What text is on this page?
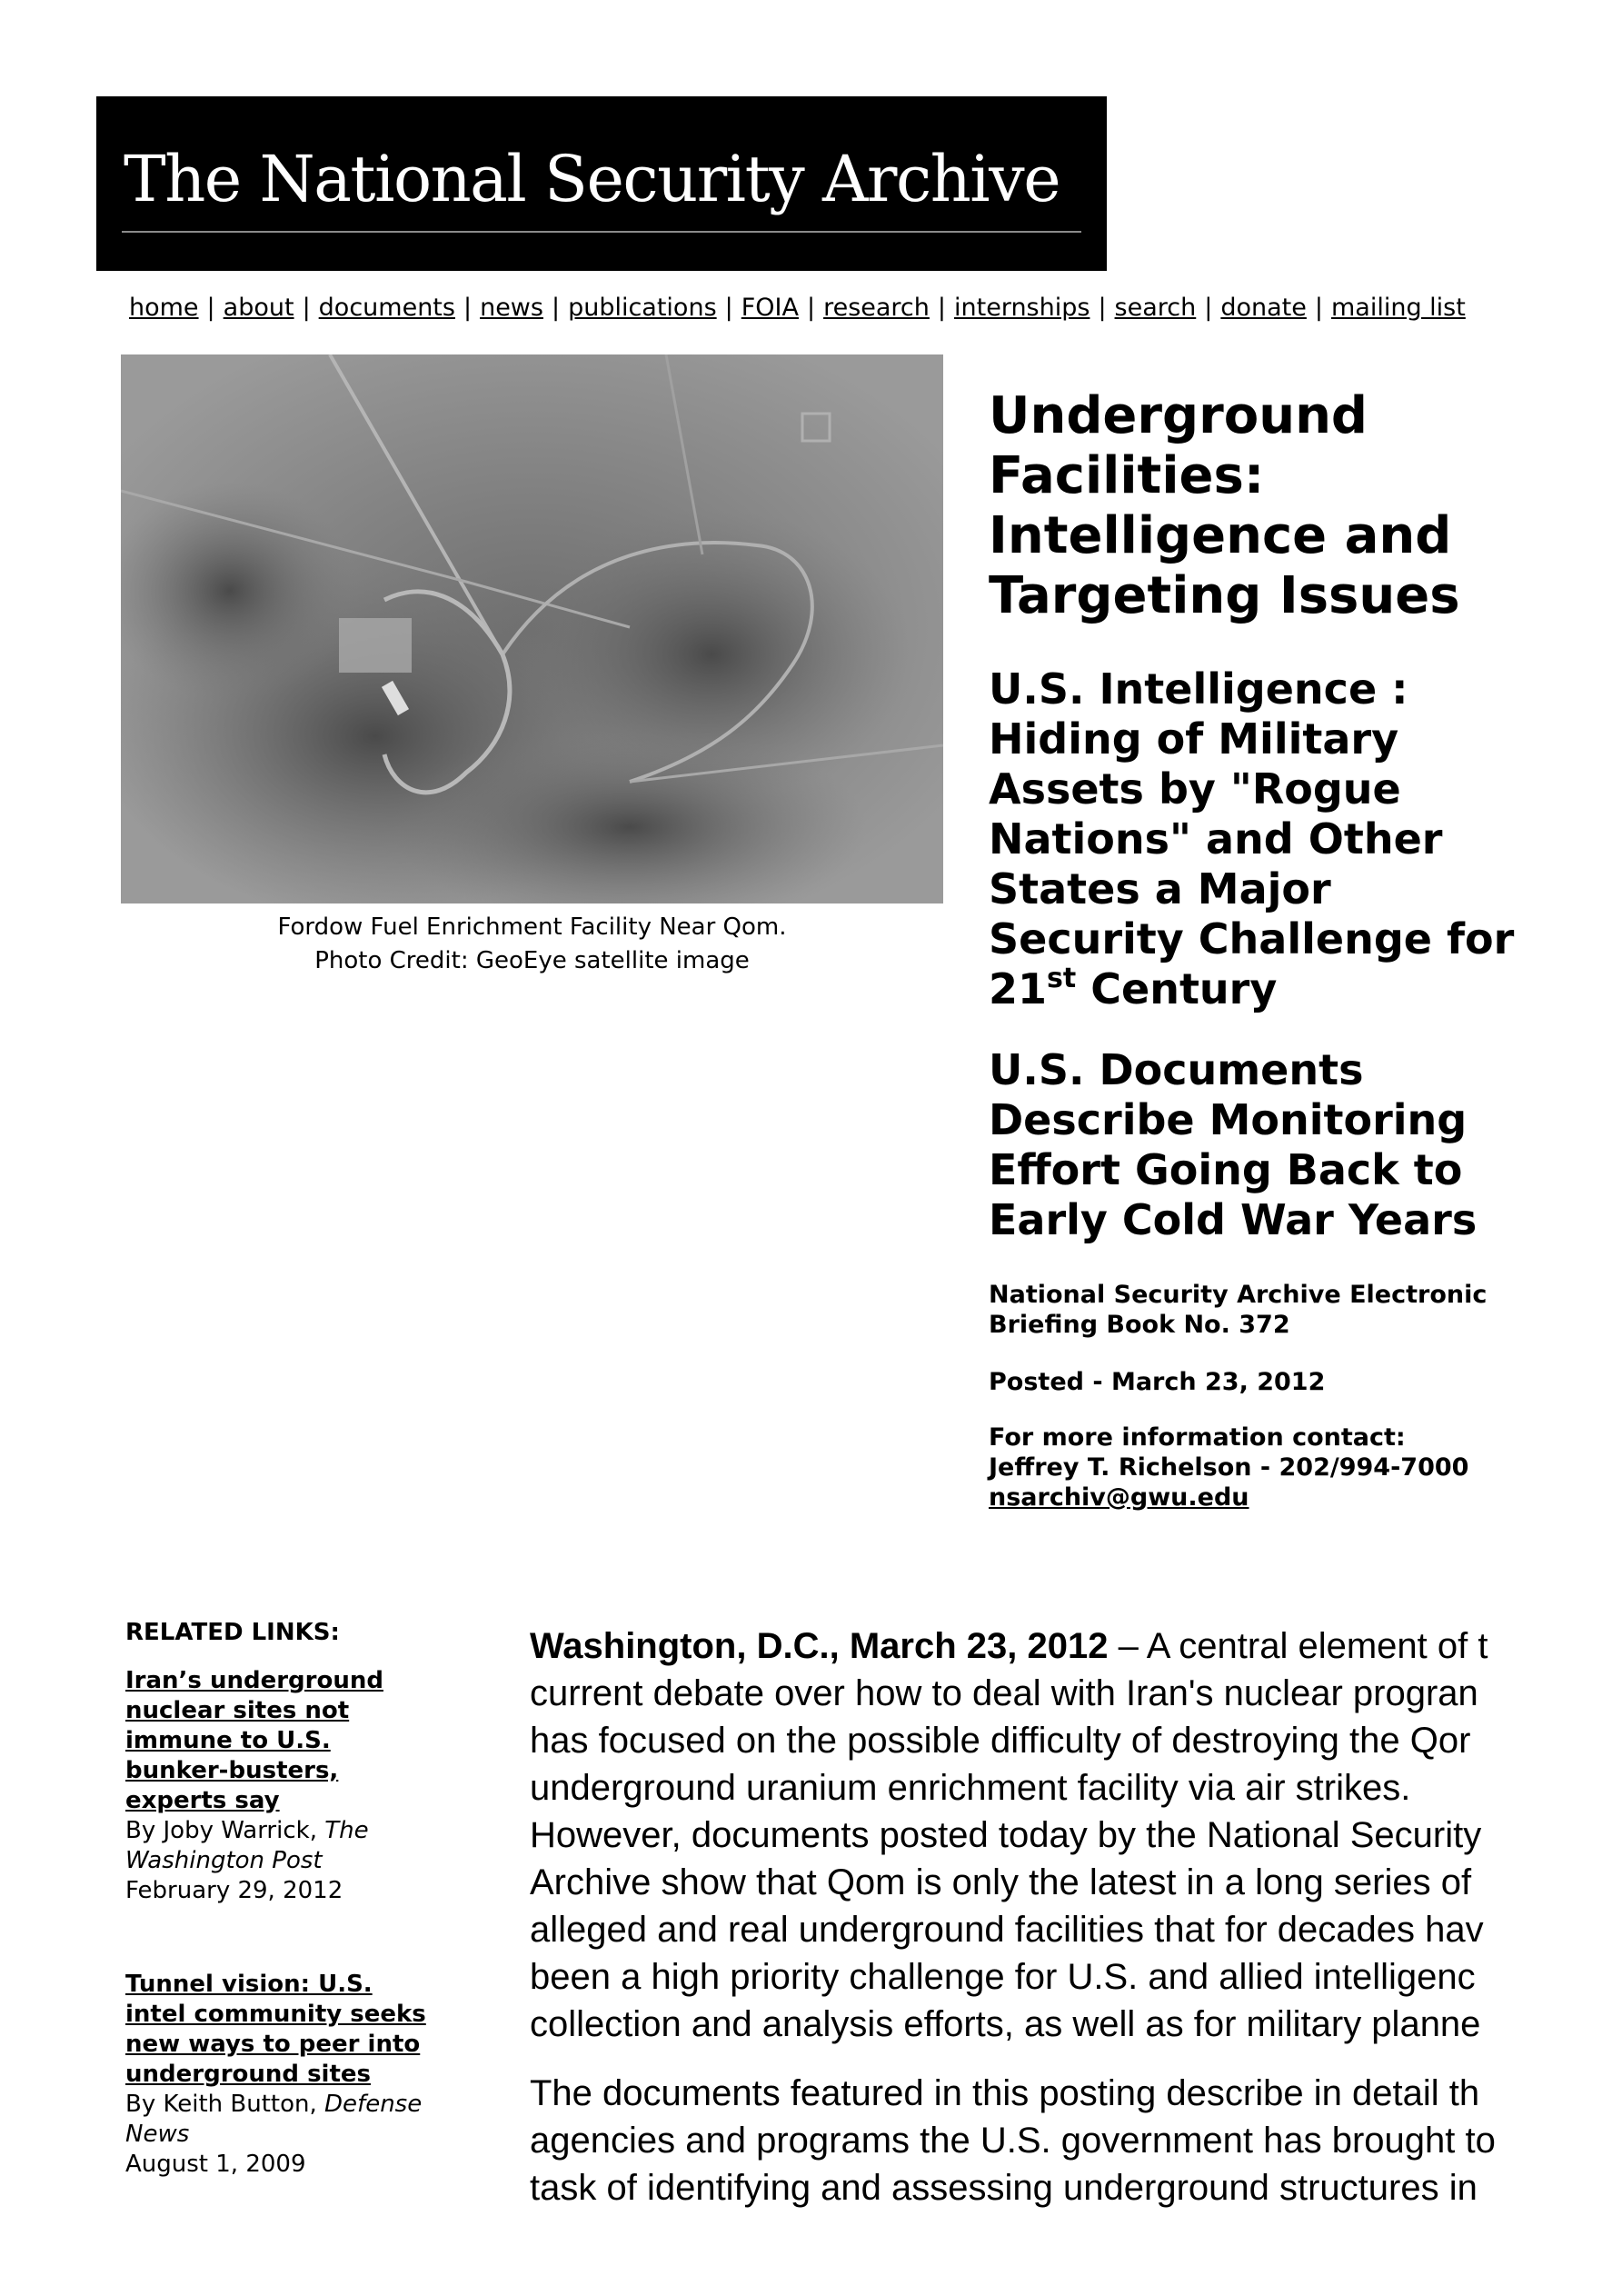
The National Security Archive
home | about | documents | news | publications | FOIA | research | internships | search | donate | mailing list
Fordow Fuel Enrichment Facility Near Qom.
Photo Credit: GeoEye satellite image
Underground
Facilities:
Intelligence and
Targeting Issues
U.S. Intelligence :
Hiding of Military
Assets by "Rogue
Nations" and Other
States a Major
Security Challenge for
21st Century
U.S. Documents
Describe Monitoring
Effort Going Back to
Early Cold War Years
National Security Archive Electronic
Briefing Book No. 372
Posted - March 23, 2012
For more information contact:
Jeffrey T. Richelson - 202/994-7000
nsarchiv@gwu.edu
RELATED LINKS:
Iran’s underground
nuclear sites not
immune to U.S.
bunker-busters,
experts say
By Joby Warrick, The
Washington Post
February 29, 2012
Tunnel vision: U.S.
intel community seeks
new ways to peer into
underground sites
By Keith Button, Defense
News
August 1, 2009

Washington, D.C., March 23, 2012 – A central element of t

current debate over how to deal with Iran's nuclear progran

has focused on the possible difficulty of destroying the Qor

underground uranium enrichment facility via air strikes.

However, documents posted today by the National Security

Archive show that Qom is only the latest in a long series of

alleged and real underground facilities that for decades hav

been a high priority challenge for U.S. and allied intelligenc

collection and analysis efforts, as well as for military planne

The documents featured in this posting describe in detail th

agencies and programs the U.S. government has brought to

task of identifying and assessing underground structures in
